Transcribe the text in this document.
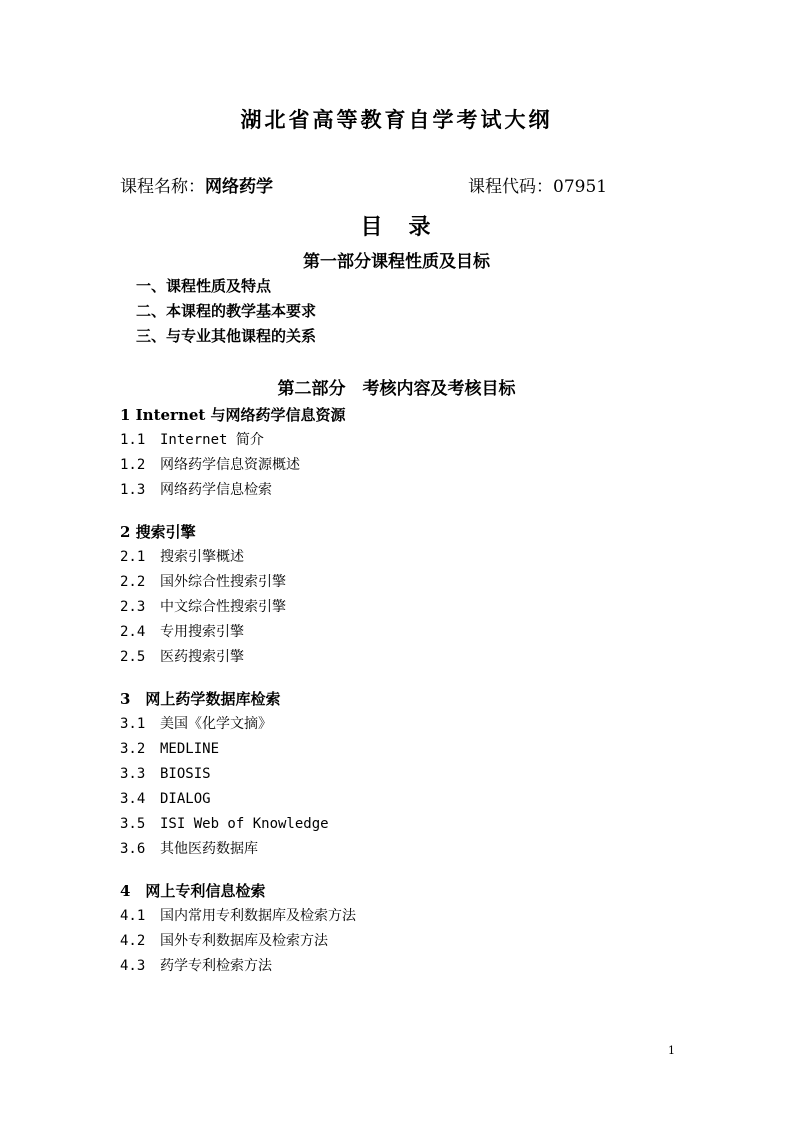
湖北省高等教育自学考试大纲
课程名称：网络药学	课程代码：07951
目　录
第一部分课程性质及目标
一、课程性质及特点
二、本课程的教学基本要求
三、与专业其他课程的关系
第二部分　考核内容及考核目标
1 Internet 与网络药学信息资源
1.1 Internet 简介
1.2 网络药学信息资源概述
1.3 网络药学信息检索
2 搜索引擎
2.1 搜索引擎概述
2.2 国外综合性搜索引擎
2.3 中文综合性搜索引擎
2.4 专用搜索引擎
2.5 医药搜索引擎
3　网上药学数据库检索
3.1 美国《化学文摘》
3.2 MEDLINE
3.3 BIOSIS
3.4 DIALOG
3.5 ISI Web of Knowledge
3.6 其他医药数据库
4　网上专利信息检索
4.1 国内常用专利数据库及检索方法
4.2 国外专利数据库及检索方法
4.3 药学专利检索方法
1
